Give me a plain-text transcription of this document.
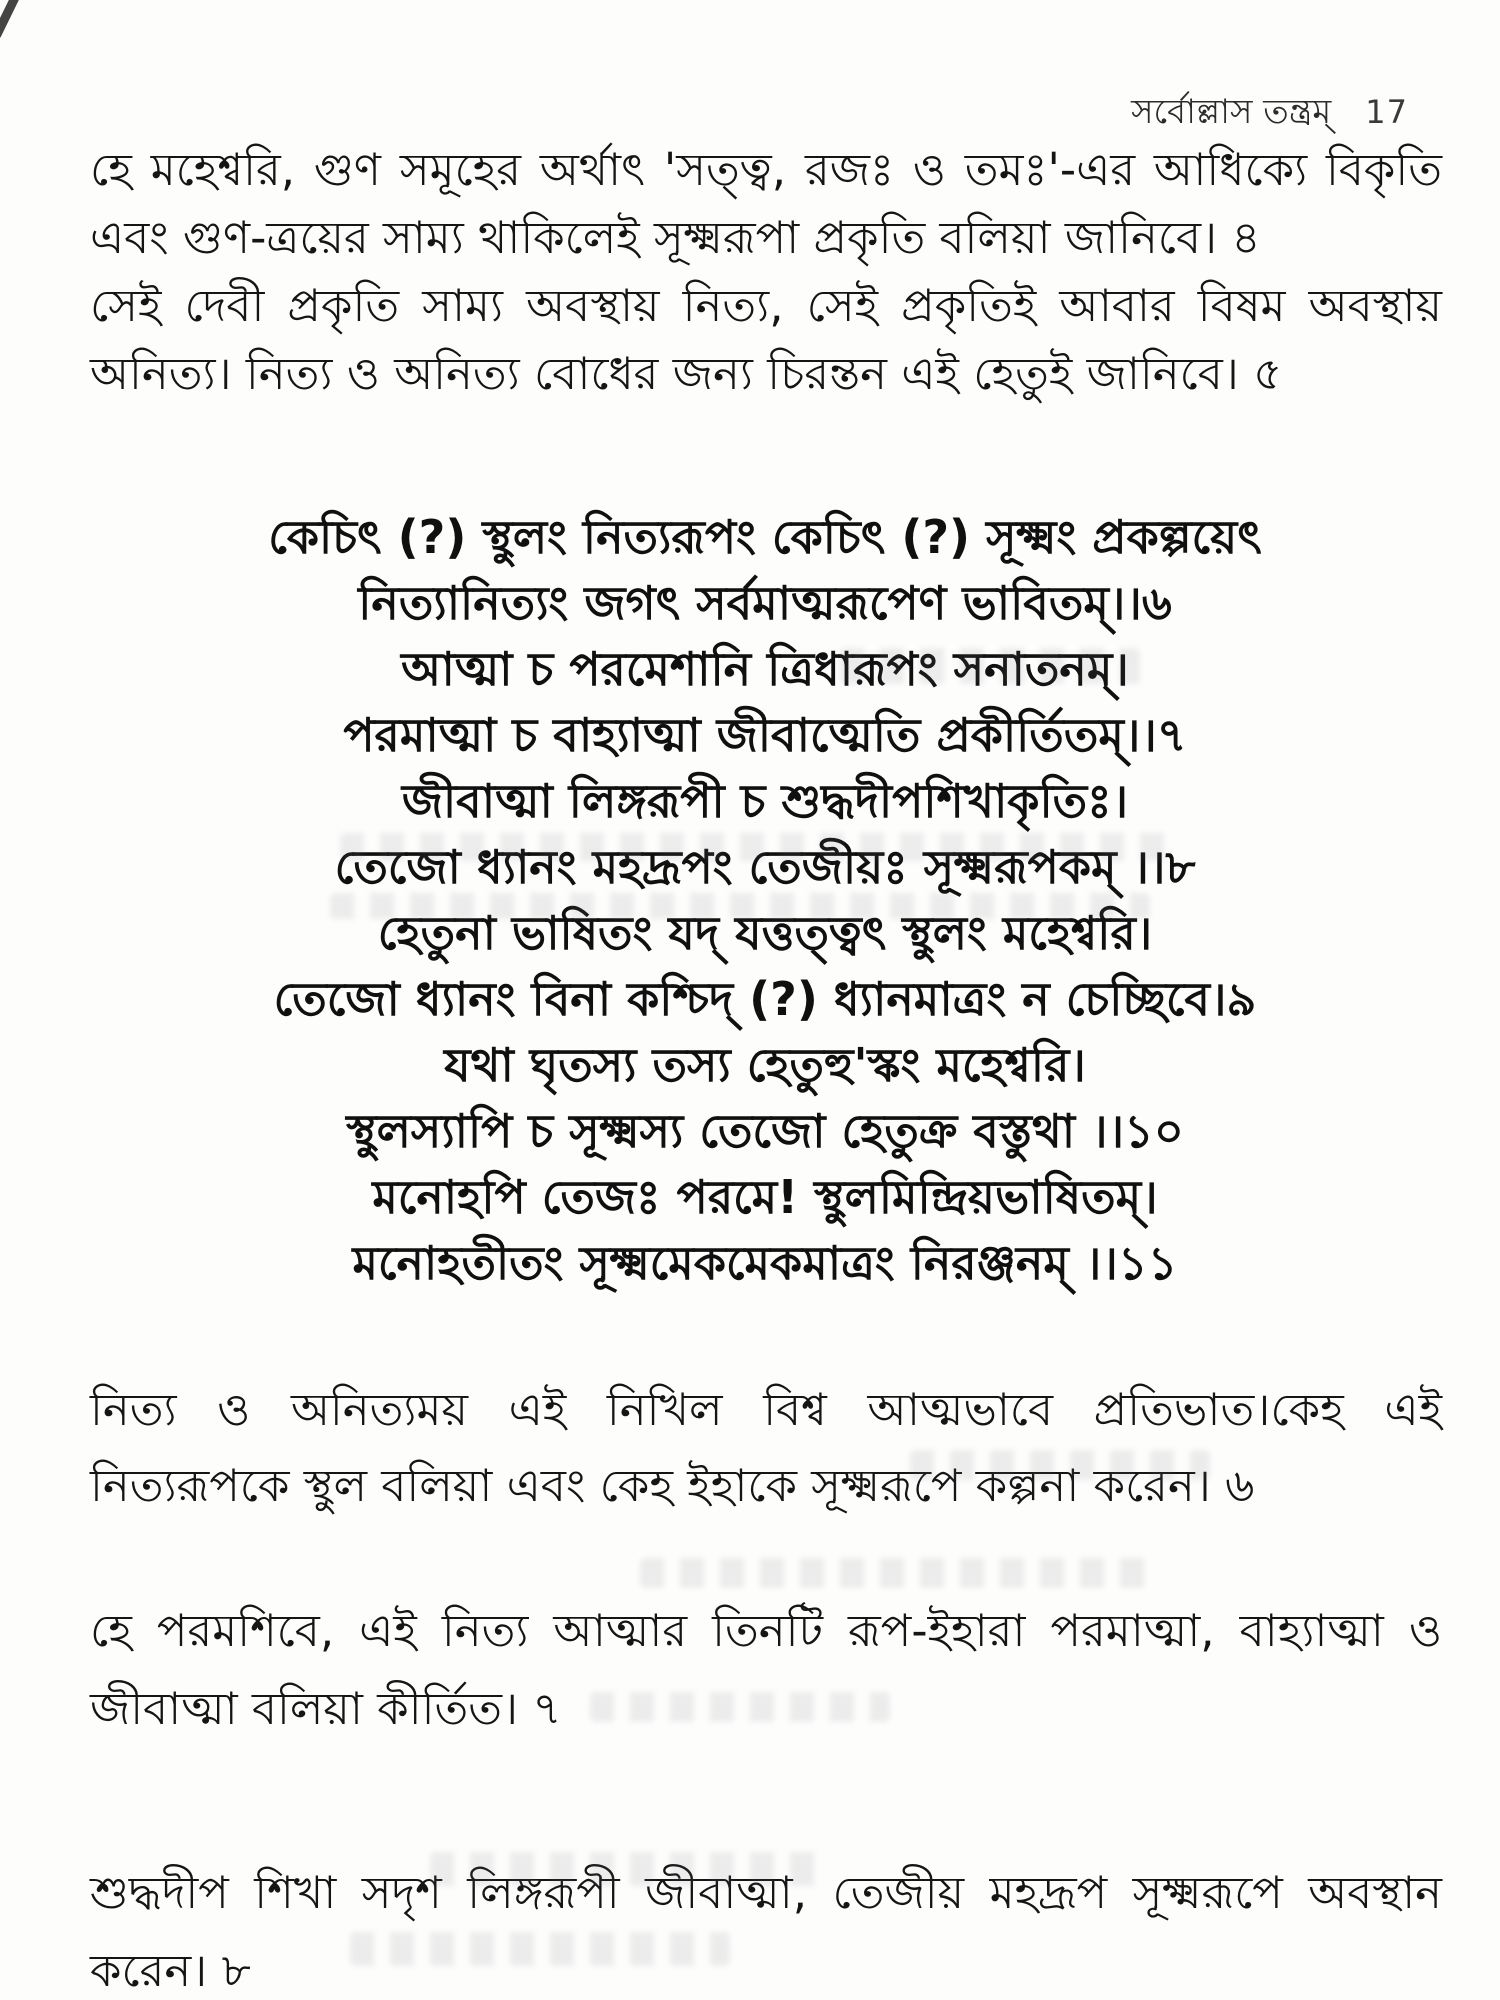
সর্বোল্লাস তন্ত্রম্ 17
হে মহেশ্বরি, গুণ সমূহের অর্থাৎ 'সত্ত্ব, রজঃ ও তমঃ'-এর আধিক্যে বিকৃতি
এবং গুণ-ত্রয়ের সাম্য থাকিলেই সূক্ষ্মরূপা প্রকৃতি বলিয়া জানিবে। ৪
সেই দেবী প্রকৃতি সাম্য অবস্থায় নিত্য, সেই প্রকৃতিই আবার বিষম অবস্থায়
অনিত্য। নিত্য ও অনিত্য বোধের জন্য চিরন্তন এই হেতুই জানিবে। ৫
কেচিৎ (?) স্থুলং নিত্যরূপং কেচিৎ (?) সূক্ষ্মং প্রকল্পয়েৎ
নিত্যানিত্যং জগৎ সর্বমাত্মরূপেণ ভাবিতম্।।৬
আত্মা চ পরমেশানি ত্রিধারূপং সনাতনম্।
পরমাত্মা চ বাহ্যাত্মা জীবাত্মেতি প্রকীর্তিতম্।।৭
জীবাত্মা লিঙ্গরূপী চ শুদ্ধদীপশিখাকৃতিঃ।
তেজো ধ্যানং মহদ্রূপং তেজীয়ঃ সূক্ষ্মরূপকম্ ।।৮
হেতুনা ভাষিতং যদ্ যত্তত্ত্বৎ স্থুলং মহেশ্বরি।
তেজো ধ্যানং বিনা কশ্চিদ্ (?) ধ্যানমাত্রং ন চেচ্ছিবে।৯
যথা ঘৃতস্য তস্য হেতুহু'স্কং মহেশ্বরি।
স্থুলস্যাপি চ সূক্ষ্মস্য তেজো হেতুক্র বস্তুথা ।।১০
মনোহপি তেজঃ পরমে! স্থুলমিন্দ্রিয়ভাষিতম্।
মনোহতীতং সূক্ষ্মমেকমেকমাত্রং নিরঞ্জনম্ ।।১১
নিত্য ও অনিত্যময় এই নিখিল বিশ্ব আত্মভাবে প্রতিভাত।কেহ এই
নিত্যরূপকে স্থুল বলিয়া এবং কেহ ইহাকে সূক্ষ্মরূপে কল্পনা করেন। ৬
হে পরমশিবে, এই নিত্য আত্মার তিনটি রূপ-ইহারা পরমাত্মা, বাহ্যাত্মা ও
জীবাত্মা বলিয়া কীর্তিত। ৭
শুদ্ধদীপ শিখা সদৃশ লিঙ্গরূপী জীবাত্মা, তেজীয় মহদ্রূপ সূক্ষ্মরূপে অবস্থান
করেন। ৮
